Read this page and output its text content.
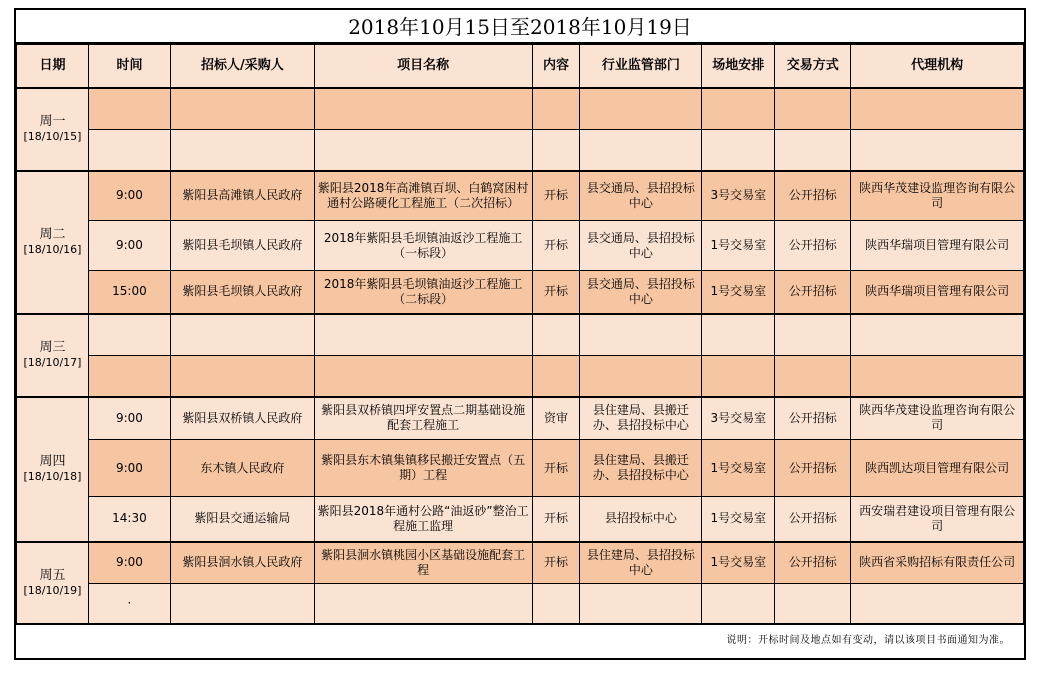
2018年10月15日至2018年10月19日
日期	时间	招标人/采购人	项目名称	内容	行业监管部门	场地安排	交易方式	代理机构

周一
[18/10/15]								

周二
[18/10/16]	9:00	紫阳县高滩镇人民政府	紫阳县2018年高滩镇百坝、白鹤窝困村通村公路硬化工程施工（二次招标）	开标	县交通局、县招投标中心	3号交易室	公开招标	陕西华茂建设监理咨询有限公司
	9:00	紫阳县毛坝镇人民政府	2018年紫阳县毛坝镇油返沙工程施工（一标段）	开标	县交通局、县招投标中心	1号交易室	公开招标	陕西华瑞项目管理有限公司
	15:00	紫阳县毛坝镇人民政府	2018年紫阳县毛坝镇油返沙工程施工（二标段）	开标	县交通局、县招投标中心	1号交易室	公开招标	陕西华瑞项目管理有限公司

周三
[18/10/17]								

周四
[18/10/18]	9:00	紫阳县双桥镇人民政府	紫阳县双桥镇四坪安置点二期基础设施配套工程施工	资审	县住建局、县搬迁办、县招投标中心	3号交易室	公开招标	陕西华茂建设监理咨询有限公司
	9:00	东木镇人民政府	紫阳县东木镇集镇移民搬迁安置点（五期）工程	开标	县住建局、县搬迁办、县招投标中心	1号交易室	公开招标	陕西凯达项目管理有限公司
	14:30	紫阳县交通运输局	紫阳县2018年通村公路“油返砂”整治工程施工监理	开标	县招投标中心	1号交易室	公开招标	西安瑞君建设项目管理有限公司

周五
[18/10/19]	9:00	紫阳县洄水镇人民政府	紫阳县洄水镇桃园小区基础设施配套工程	开标	县住建局、县招投标中心	1号交易室	公开招标	陕西省采购招标有限责任公司
	·							
说明：开标时间及地点如有变动，请以该项目书面通知为准。
